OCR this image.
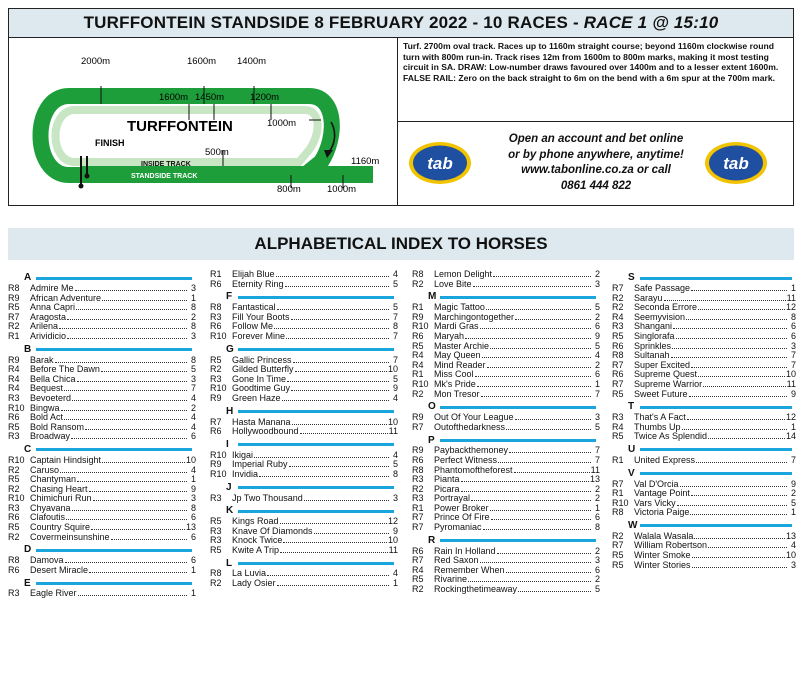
TURFFONTEIN STANDSIDE 8 FEBRUARY 2022 - 10 RACES - RACE 1 @ 15:10
2000m	1600m 1400m
1600m 1450m	1200m
1000m
500m
1160m
800m	1000m
TURFFONTEIN
FINISH
INSIDE TRACK
STANDSIDE TRACK

Turf. 2700m oval track. Races up to 1160m straight course; beyond 1160m clockwise round turn with 800m run-in. Track rises 12m from 1600m to 800m marks, making it most testing circuit in SA. DRAW: Low-number draws favoured over 1400m and to a lesser extent 1600m. FALSE RAIL: Zero on the back straight to 6m on the bend with a 6m spur at the 700m mark.

tab
Open an account and bet online
or by phone anywhere, anytime!
www.tabonline.co.za or call
0861 444 822
tab
ALPHABETICAL INDEX TO HORSES
A
R8	Admire Me	3
R9	African Adventure	1
R5	Anna Capri	8
R7	Aragosta	2
R2	Arilena	8
R1	Arividicio	3
B
R9	Barak	8
R4	Before The Dawn	5
R4	Bella Chica	3
R4	Bequest	7
R3	Bevoeterd	4
R10 Bingwa	2
R6	Bold Act	4
R5	Bold Ransom	4
R3	Broadway	6
C
R10 Captain Hindsight	10
R2	Caruso	4
R5	Chantyman	1
R2	Chasing Heart	9
R10 Chimichuri Run	3
R3	Chyavana	8
R6	Clafoutis	6
R5	Country Squire	13
R2	Covermeinsunshine	6
D
R8	Damova	6
R6	Desert Miracle	1
E
R3	Eagle River	1
R1	Elijah Blue	4
R6	Eternity Ring	5
F
R8	Fantastical	5
R3	Fill Your Boots	7
R6	Follow Me	8
R10 Forever Mine	7
G
R5	Gallic Princess	7
R2	Gilded Butterfly	10
R3	Gone In Time	5
R10 Goodtime Guy	9
R9	Green Haze	4
H
R7	Hasta Manana	10
R6	Hollywoodbound	11
I
R10 Ikigai	4
R9	Imperial Ruby	5
R10 Invidia	8
J
R3	Jp Two Thousand	3
K
R5	Kings Road	12
R3	Knave Of Diamonds	9
R3	Knock Twice	10
R5	Kwite A Trip	11
L
R8	La Luvia	4
R2	Lady Osier	1
R8	Lemon Delight	2
R2	Love Bite	3
M
R1	Magic Tattoo	5
R9	Marchingontogether	2
R10 Mardi Gras	6
R6	Maryah	9
R5	Master Archie	5
R4	May Queen	4
R4	Mind Reader	2
R1	Miss Cool	6
R10 Mk's Pride	1
R2	Mon Tresor	7
O
R9	Out Of Your League	3
R7	Outofthedarkness	5
P
R9	Paybackthemoney	7
R6	Perfect Witness	7
R8	Phantomoftheforest	11
R3	Pianta	13
R2	Picara	2
R3	Portrayal	2
R1	Power Broker	1
R7	Prince Of Fire	6
R7	Pyromaniac	8
R
R6	Rain In Holland	2
R7	Red Saxon	3
R4	Remember When	6
R5	Rivarine	2
R2	Rockingthetimeaway	5
S
R7	Safe Passage	1
R2	Sarayu	11
R2	Seconda Errore	12
R4	Seemyvision	8
R3	Shangani	6
R5	Singlorafa	6
R6	Sprinkles	3
R8	Sultanah	7
R7	Super Excited	7
R6	Supreme Quest	10
R7	Supreme Warrior	11
R5	Sweet Future	9
T
R3	That's A Fact	12
R4	Thumbs Up	1
R5	Twice As Splendid	14
U
R1	United Express	7
V
R7	Val D'Orcia	9
R1	Vantage Point	2
R10 Vars Vicky	5
R8	Victoria Paige	1
W
R2	Walala Wasala	13
R7	William Robertson	4
R5	Winter Smoke	10
R5	Winter Stories	3
